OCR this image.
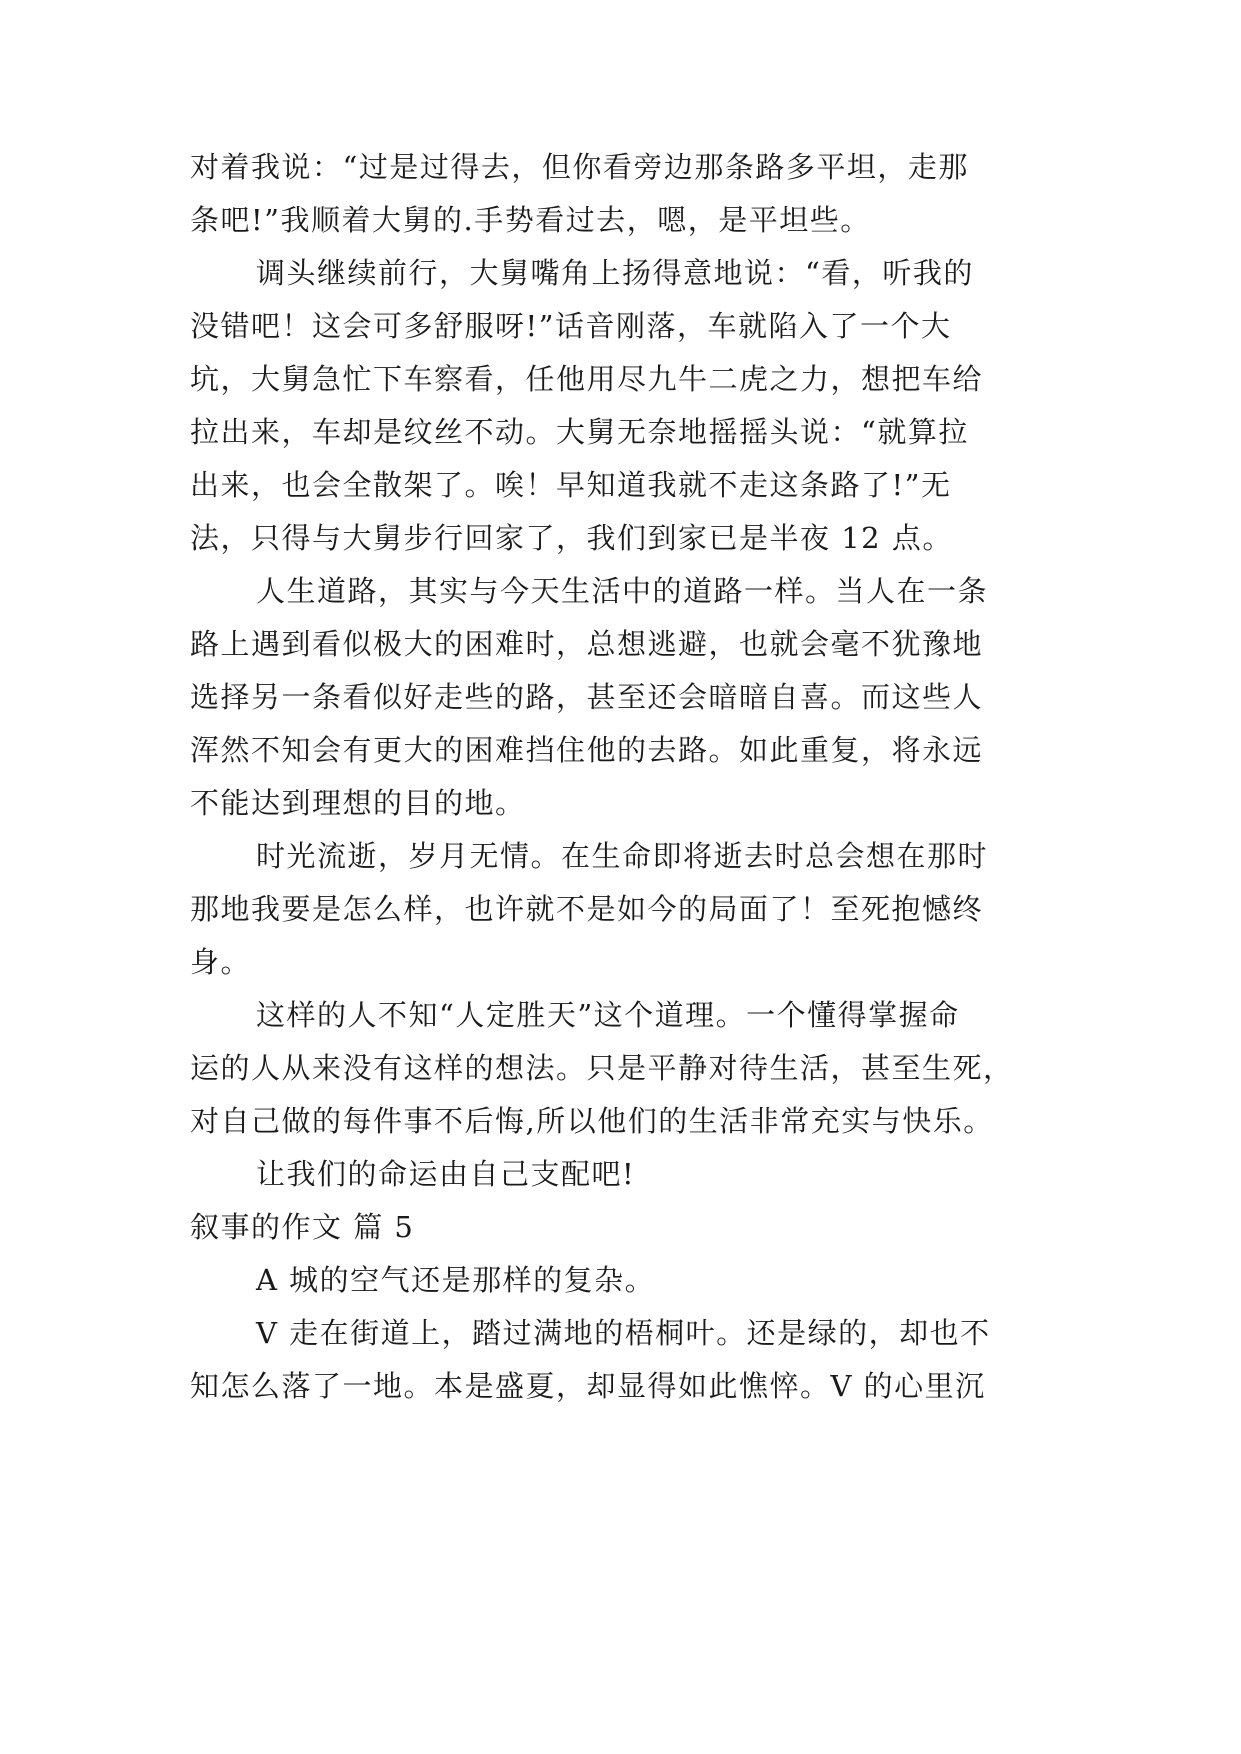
对着我说：“过是过得去，但你看旁边那条路多平坦，走那
条吧!”我顺着大舅的.手势看过去，嗯，是平坦些。
调头继续前行，大舅嘴角上扬得意地说：“看，听我的
没错吧！这会可多舒服呀!”话音刚落，车就陷入了一个大
坑，大舅急忙下车察看，任他用尽九牛二虎之力，想把车给
拉出来，车却是纹丝不动。大舅无奈地摇摇头说：“就算拉
出来，也会全散架了。唉！早知道我就不走这条路了!”无
法，只得与大舅步行回家了，我们到家已是半夜 12 点。
人生道路，其实与今天生活中的道路一样。当人在一条
路上遇到看似极大的困难时，总想逃避，也就会毫不犹豫地
选择另一条看似好走些的路，甚至还会暗暗自喜。而这些人
浑然不知会有更大的困难挡住他的去路。如此重复，将永远
不能达到理想的目的地。
时光流逝，岁月无情。在生命即将逝去时总会想在那时
那地我要是怎么样，也许就不是如今的局面了！至死抱憾终
身。
这样的人不知“人定胜天”这个道理。一个懂得掌握命
运的人从来没有这样的想法。只是平静对待生活，甚至生死，
对自己做的每件事不后悔,所以他们的生活非常充实与快乐。
让我们的命运由自己支配吧!
叙事的作文 篇 5
A 城的空气还是那样的复杂。
V 走在街道上，踏过满地的梧桐叶。还是绿的，却也不
知怎么落了一地。本是盛夏，却显得如此憔悴。V 的心里沉
